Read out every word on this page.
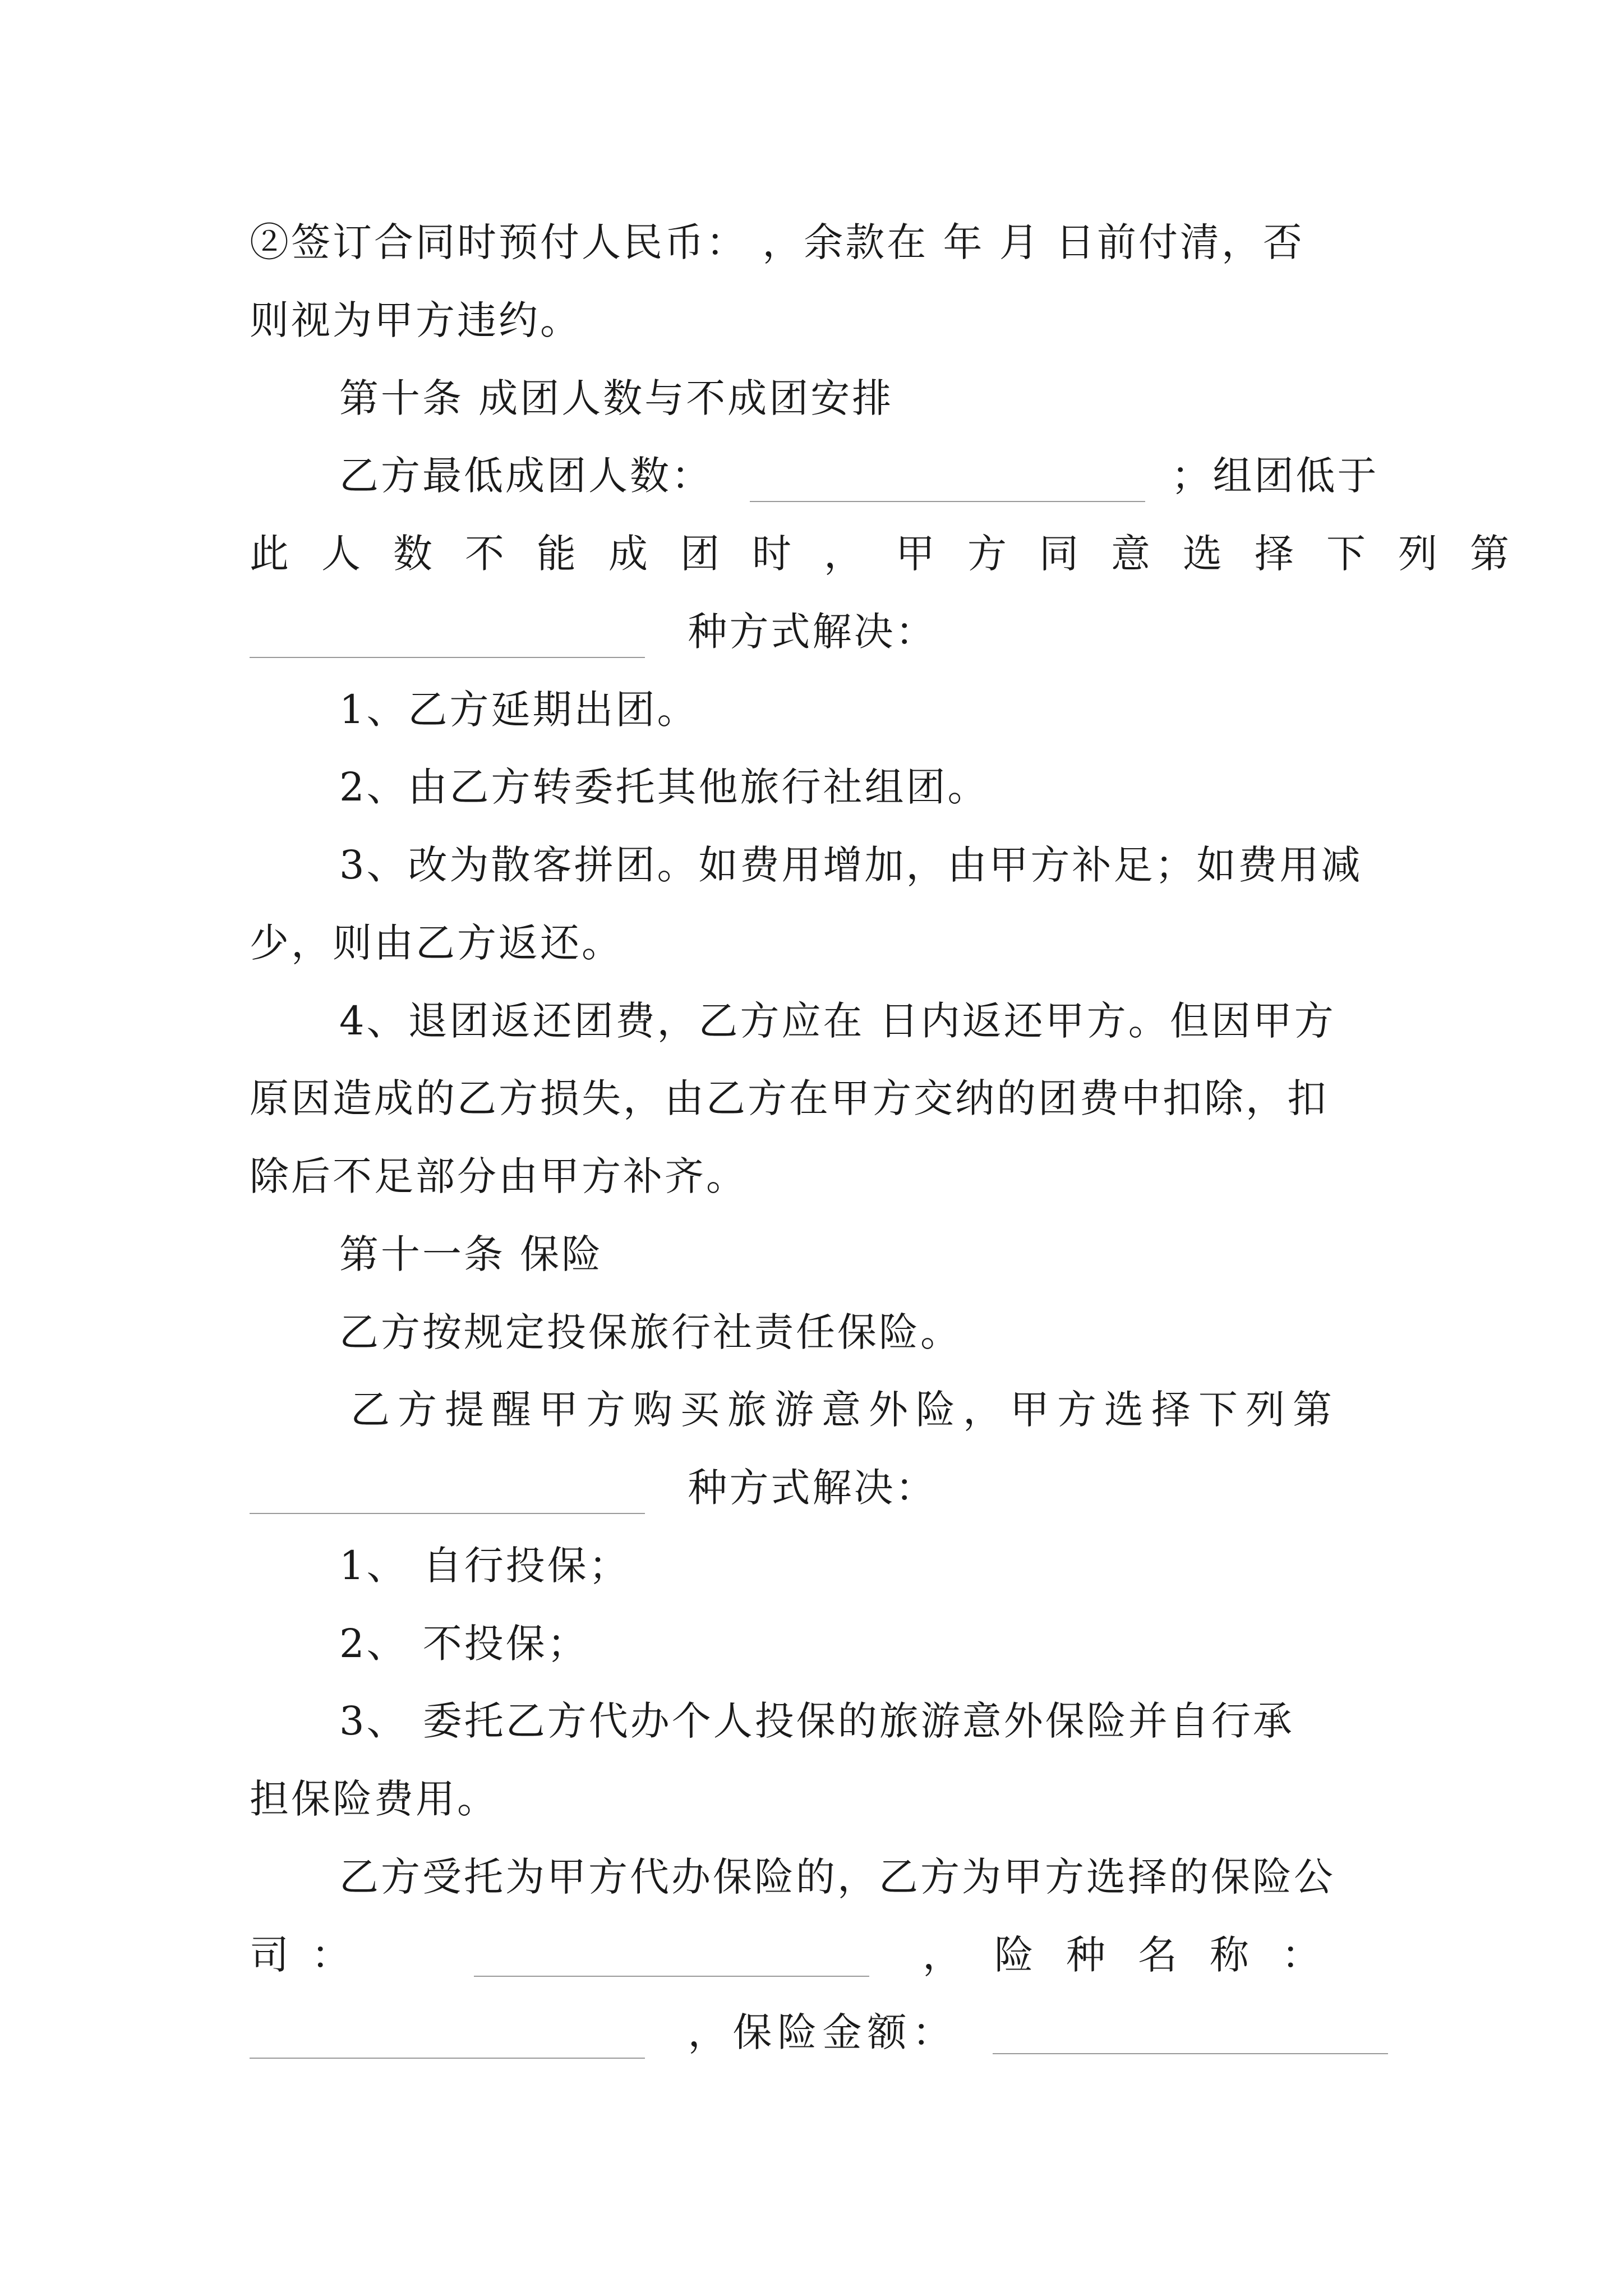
②签订合同时预付人民币： ，余款在 年 月 日前付清，否
则视为甲方违约。
第十条 成团人数与不成团安排
乙方最低成团人数：	；组团低于
此人数不能成团时，甲方同意选择下列第
种方式解决：
1、乙方延期出团。
2、由乙方转委托其他旅行社组团。
3、改为散客拼团。如费用增加，由甲方补足；如费用减
少，则由乙方返还。
4、退团返还团费，乙方应在 日内返还甲方。但因甲方
原因造成的乙方损失，由乙方在甲方交纳的团费中扣除，扣
除后不足部分由甲方补齐。
第十一条 保险
乙方按规定投保旅行社责任保险。
乙方提醒甲方购买旅游意外险，甲方选择下列第
种方式解决：
1、 自行投保；
2、 不投保；
3、 委托乙方代办个人投保的旅游意外保险并自行承
担保险费用。
乙方受托为甲方代办保险的，乙方为甲方选择的保险公
司：	，险种名称：
，保险金额：
